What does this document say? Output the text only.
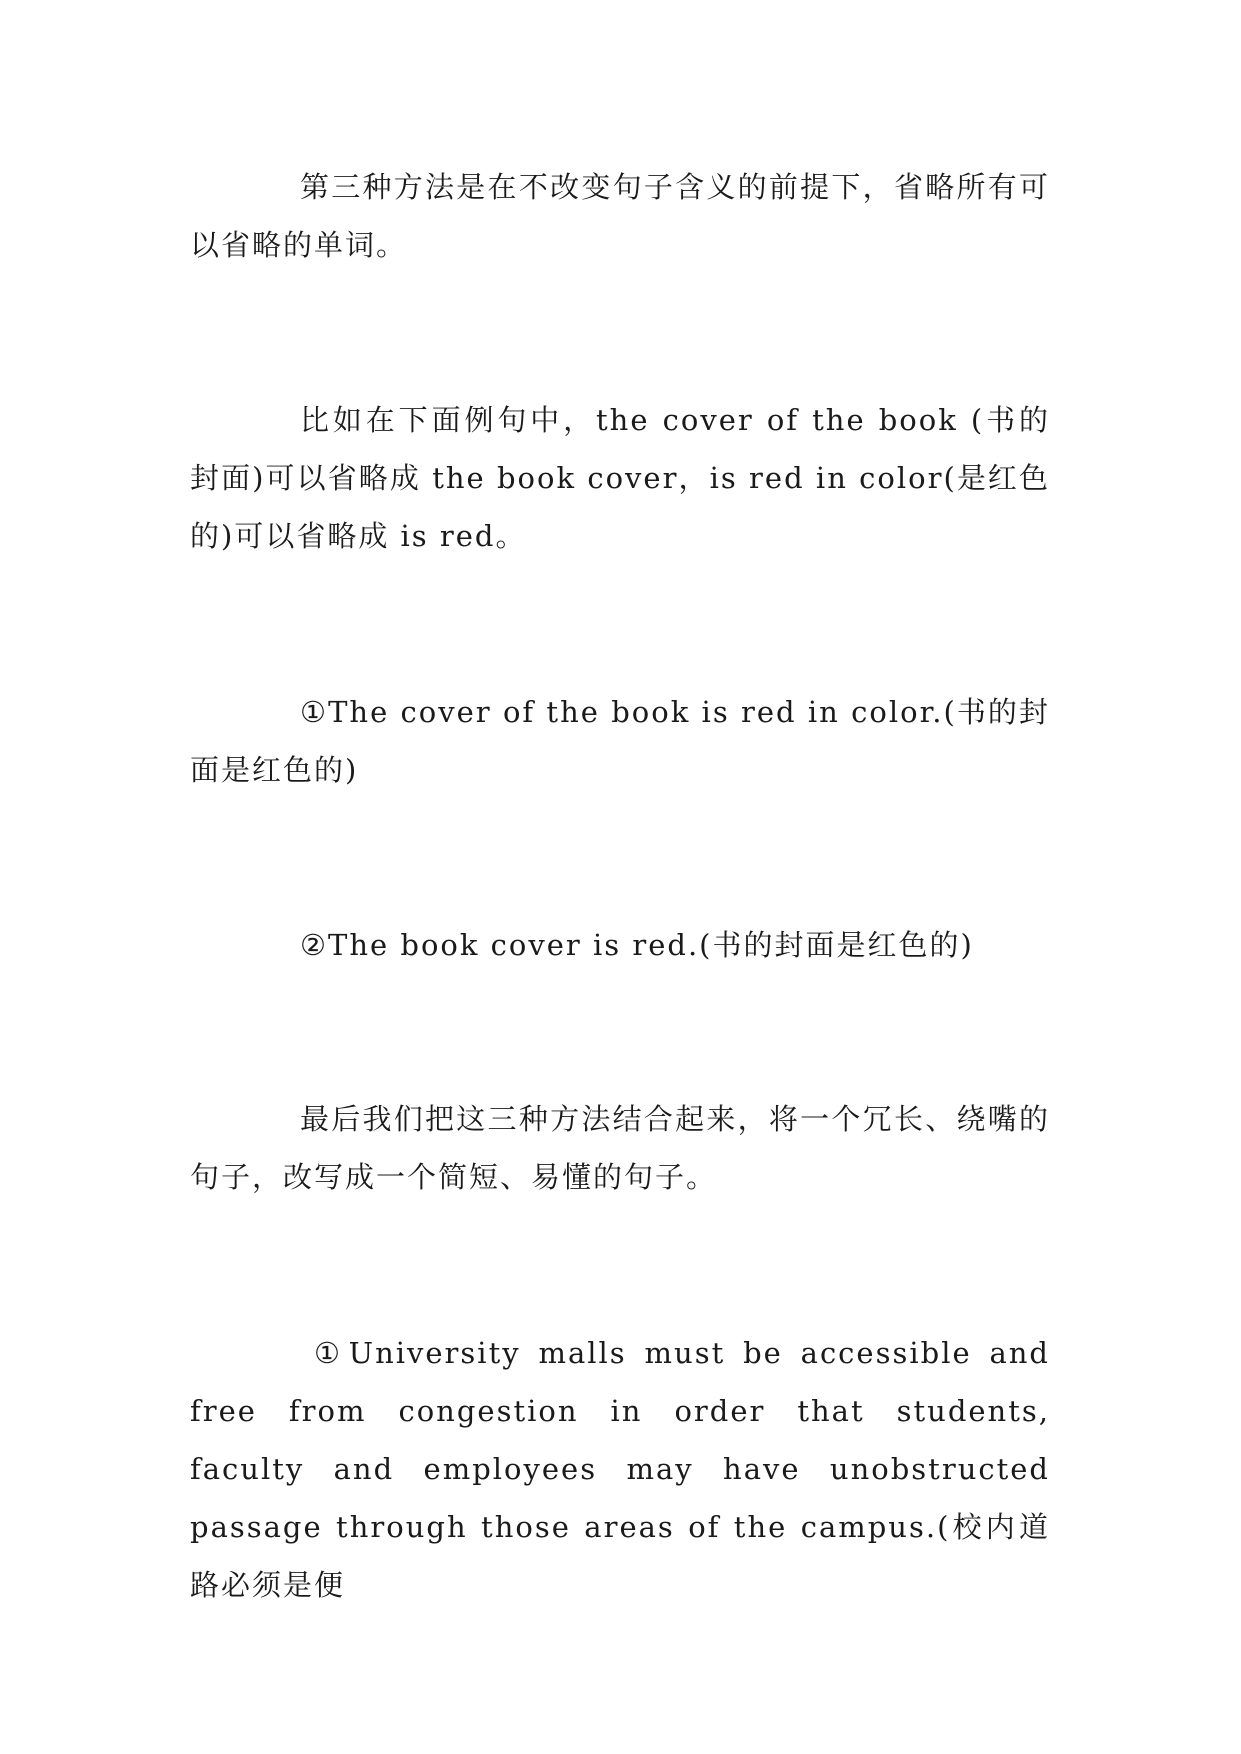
第三种方法是在不改变句子含义的前提下，省略所有可以省略的单词。

比如在下面例句中，the cover of the book (书的封面)可以省略成 the book cover，is red in color(是红色的)可以省略成 is red。

①The cover of the book is red in color.(书的封面是红色的)

②The book cover is red.(书的封面是红色的)

最后我们把这三种方法结合起来，将一个冗长、绕嘴的句子，改写成一个简短、易懂的句子。

①University malls must be accessible and free from congestion in order that students, faculty and employees may have unobstructed passage through those areas of the campus.(校内道路必须是便
